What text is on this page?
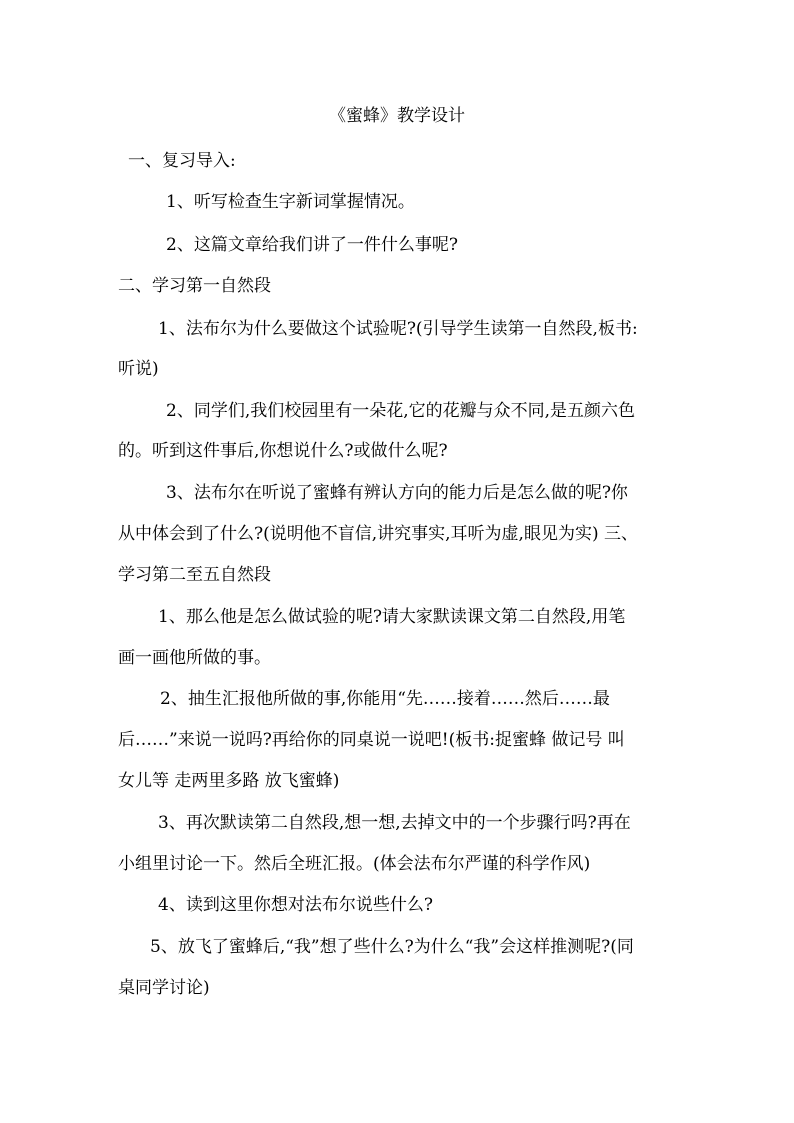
《蜜蜂》教学设计
一、复习导入:
1、听写检查生字新词掌握情况。
2、这篇文章给我们讲了一件什么事呢?
二、学习第一自然段
1、法布尔为什么要做这个试验呢?(引导学生读第一自然段,板书:
听说)
2、同学们,我们校园里有一朵花,它的花瓣与众不同,是五颜六色
的。听到这件事后,你想说什么?或做什么呢?
3、法布尔在听说了蜜蜂有辨认方向的能力后是怎么做的呢?你
从中体会到了什么?(说明他不盲信,讲究事实,耳听为虚,眼见为实) 三、
学习第二至五自然段
1、那么他是怎么做试验的呢?请大家默读课文第二自然段,用笔
画一画他所做的事。
2、抽生汇报他所做的事,你能用“先……接着……然后……最
后……”来说一说吗?再给你的同桌说一说吧!(板书:捉蜜蜂 做记号 叫
女儿等 走两里多路 放飞蜜蜂)
3、再次默读第二自然段,想一想,去掉文中的一个步骤行吗?再在
小组里讨论一下。然后全班汇报。(体会法布尔严谨的科学作风)
4、读到这里你想对法布尔说些什么?
5、放飞了蜜蜂后,“我”想了些什么?为什么“我”会这样推测呢?(同
桌同学讨论)
